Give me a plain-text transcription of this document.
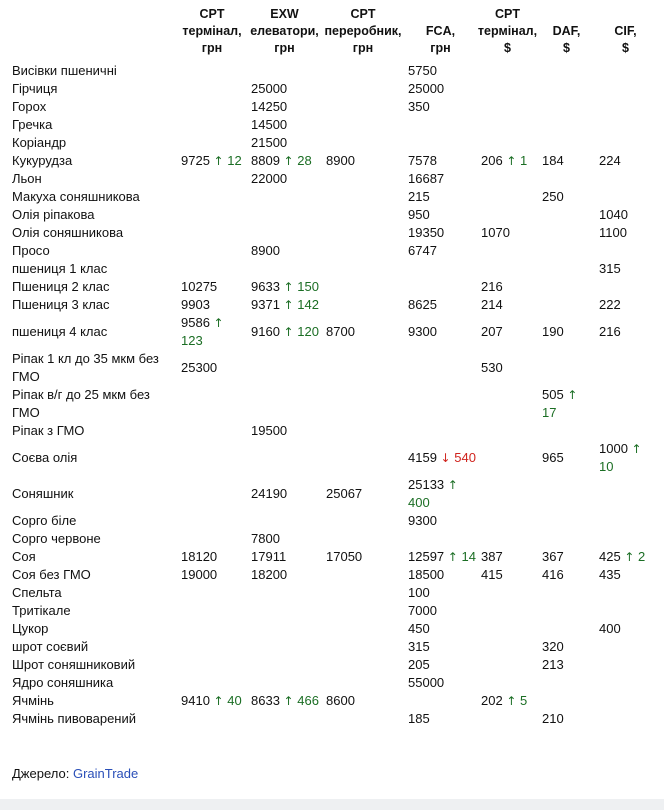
	CPT
термінал,
грн	EXW
елеватори,
грн	CPT
переробник,
грн	FCA,
грн	CPT
термінал,
$	DAF,
$	CIF,
$

Висівки пшеничні				5750			
Гірчиця		25000		25000			
Горох		14250		350			
Гречка		14500					
Коріандр		21500					
Кукурудза	9725 ↑ 12	8809 ↑ 28	8900	7578	206 ↑ 1	184	224
Льон		22000		16687			
Макуха соняшникова				215		250	
Олія ріпакова				950			1040
Олія соняшникова				19350	1070		1100
Просо		8900		6747			
пшениця 1 клас							315
Пшениця 2 клас	10275	9633 ↑ 150			216		
Пшениця 3 клас	9903	9371 ↑ 142		8625	214		222
пшениця 4 клас	9586 ↑ 123	9160 ↑ 120	8700	9300	207	190	216
Ріпак 1 кл до 35 мкм без ГМО	25300				530		
Ріпак в/г до 25 мкм без ГМО						505 ↑ 17	
Ріпак з ГМО		19500					
Соєва олія				4159 ↓ 540		965	1000 ↑ 10
Соняшник		24190	25067	25133 ↑ 400			
Сорго біле				9300			
Сорго червоне		7800					
Соя	18120	17911	17050	12597 ↑ 14	387	367	425 ↑ 2
Соя без ГМО	19000	18200		18500	415	416	435
Спельта				100			
Тритікале				7000			
Цукор				450			400
шрот соєвий				315		320	
Шрот соняшниковий				205		213	
Ядро соняшника				55000			
Ячмінь	9410 ↑ 40	8633 ↑ 466	8600		202 ↑ 5		
Ячмінь пивоварений				185		210	
Джерело: GrainTrade
